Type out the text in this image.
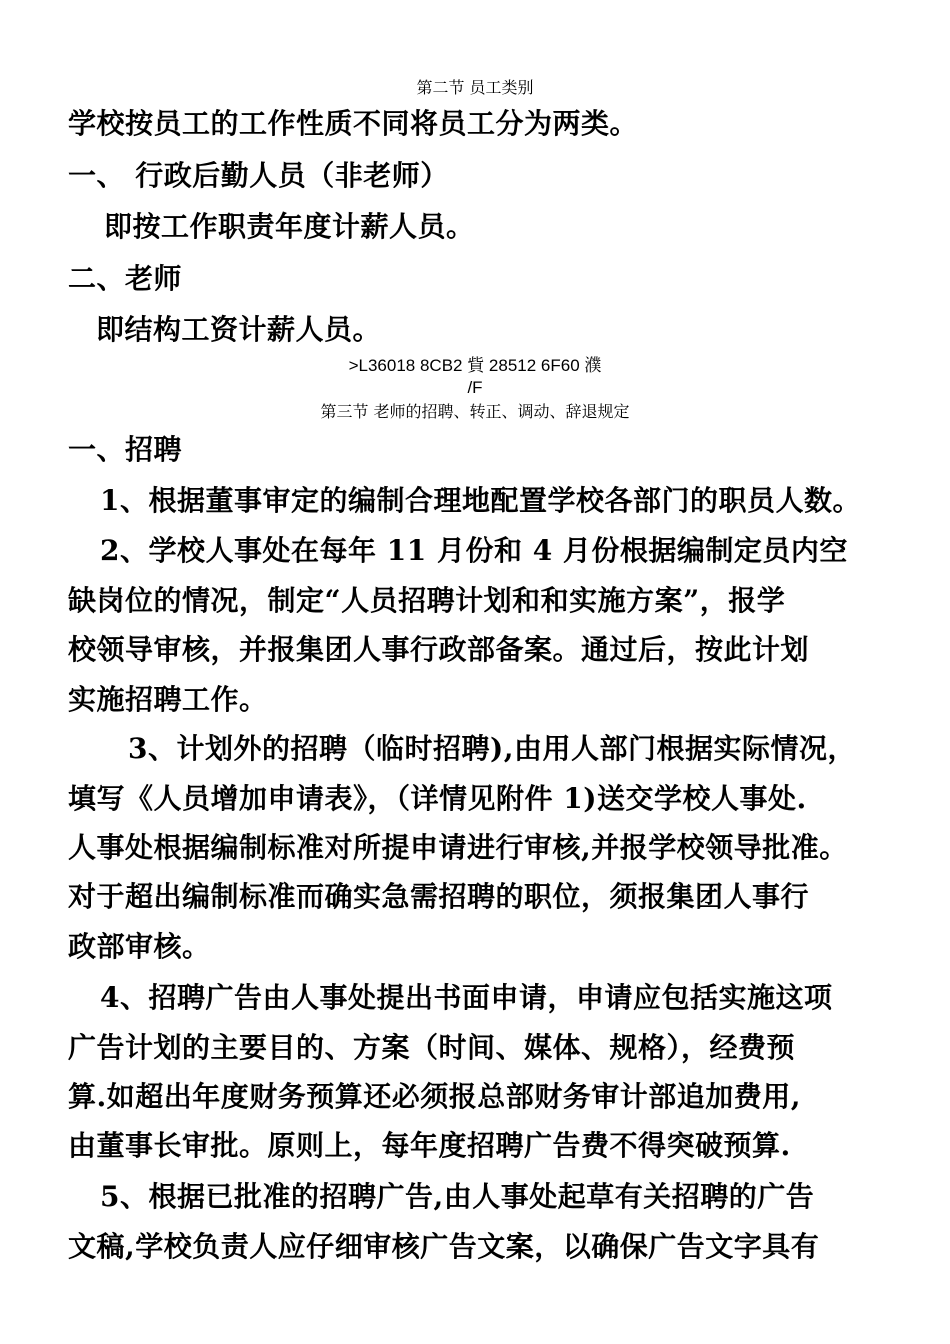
第二节 员工类别
学校按员工的工作性质不同将员工分为两类。
一、 行政后勤人员（非老师）
即按工作职责年度计薪人员。
二、老师
即结构工资计薪人员。
>L36018 8CB2 貲 28512 6F60 濮
/F
第三节 老师的招聘、转正、调动、辞退规定
一、招聘
1、根据董事审定的编制合理地配置学校各部门的职员人数。
2、学校人事处在每年 11 月份和 4 月份根据编制定员内空
缺岗位的情况，制定“人员招聘计划和和实施方案”，报学
校领导审核，并报集团人事行政部备案。通过后，按此计划
实施招聘工作。
3、计划外的招聘（临时招聘),由用人部门根据实际情况，
填写《人员增加申请表》，（详情见附件 1)送交学校人事处.
人事处根据编制标准对所提申请进行审核,并报学校领导批准。
对于超出编制标准而确实急需招聘的职位，须报集团人事行
政部审核。
4、招聘广告由人事处提出书面申请，申请应包括实施这项
广告计划的主要目的、方案（时间、媒体、规格），经费预
算.如超出年度财务预算还必须报总部财务审计部追加费用,
由董事长审批。原则上，每年度招聘广告费不得突破预算.
5、根据已批准的招聘广告,由人事处起草有关招聘的广告
文稿,学校负责人应仔细审核广告文案，以确保广告文字具有
